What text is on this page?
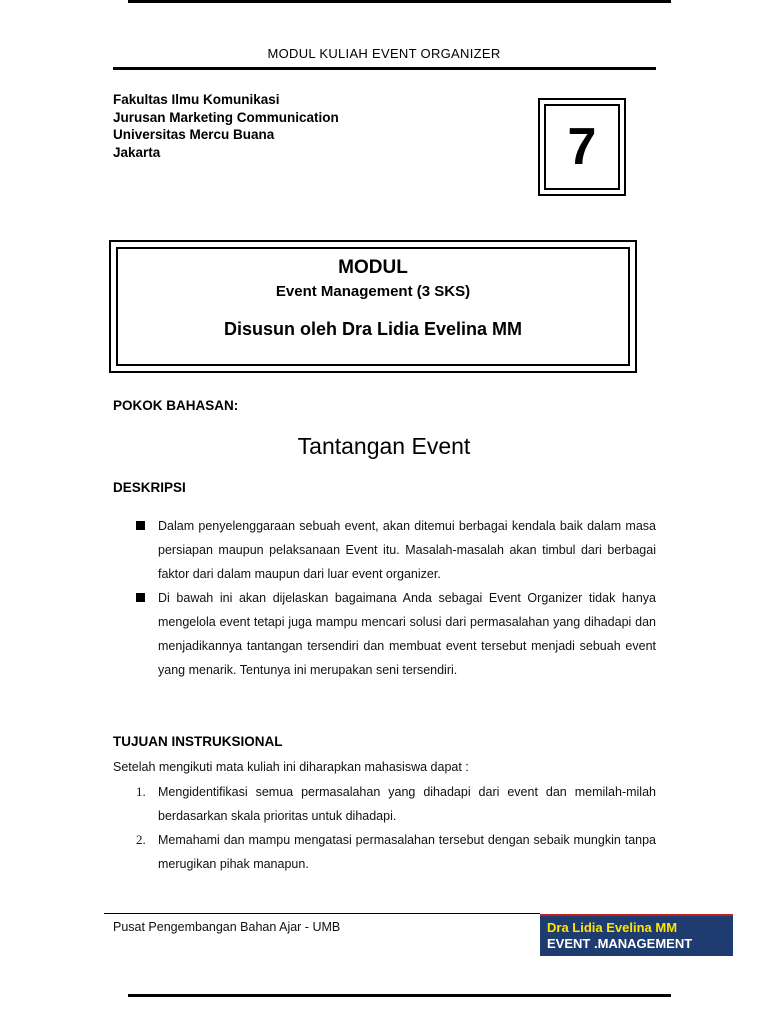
MODUL KULIAH EVENT ORGANIZER
Fakultas Ilmu Komunikasi
Jurusan Marketing Communication
Universitas Mercu Buana
Jakarta	7
MODUL
Event Management (3 SKS)
Disusun oleh Dra Lidia Evelina MM
POKOK BAHASAN:
Tantangan Event
DESKRIPSI
Dalam penyelenggaraan sebuah event, akan ditemui berbagai kendala baik dalam masa persiapan maupun pelaksanaan Event itu. Masalah-masalah akan timbul dari berbagai faktor dari dalam maupun dari luar event organizer.
Di bawah ini akan dijelaskan bagaimana Anda sebagai Event Organizer tidak hanya mengelola event tetapi juga mampu mencari solusi dari permasalahan yang dihadapi dan menjadikannya tantangan tersendiri dan membuat event tersebut menjadi sebuah event yang menarik. Tentunya ini merupakan seni tersendiri.
TUJUAN INSTRUKSIONAL
Setelah mengikuti mata kuliah ini diharapkan mahasiswa dapat :
1. Mengidentifikasi semua permasalahan yang dihadapi dari event dan memilah-milah berdasarkan skala prioritas untuk dihadapi.
2. Memahami dan mampu mengatasi permasalahan tersebut dengan sebaik mungkin tanpa merugikan pihak manapun.
Pusat Pengembangan Bahan Ajar - UMB	Dra Lidia Evelina MM
EVENT .MANAGEMENT
